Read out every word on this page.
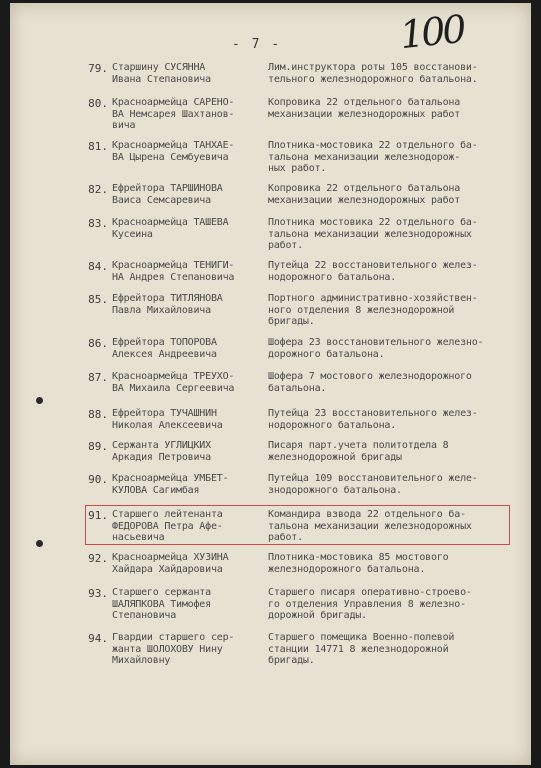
- 7 -	100
79. Старшину СУСЯННА
Ивана Степановича
Лим.инструктора роты 105 восстанови-
тельного железнодорожного батальона.
80. Красноармейца САРЕНО-
ВА Немсарея Шахтанов-
вича
Копровика 22 отдельного батальона
механизации железнодорожных работ
81. Красноармейца ТАНХАЕ-
ВА Цырена Сембуевича
Плотника-мостовика 22 отдельного ба-
тальона механизации железнодорож-
ных работ.
82. Ефрейтора ТАРШИНОВА
Ваиса Семсаревича
Копровика 22 отдельного батальона
механизации железнодорожных работ
83. Красноармейца ТАШЕВА
Кусеина
Плотника мостовика 22 отдельного ба-
тальона механизации железнодорожных
работ.
84. Красноармейца ТЕНИГИ-
НА Андрея Степановича
Путейца 22 восстановительного желез-
нодорожного батальона.
85. Ефрейтора ТИТЛЯНОВА
Павла Михайловича
Портного административно-хозяйствен-
ного отделения 8 железнодорожной
бригады.
86. Ефрейтора ТОПОРОВА
Алексея Андреевича
Шофера 23 восстановительного железно-
дорожного батальона.
87. Красноармейца ТРЕУХО-
ВА Михаила Сергеевича
Шофера 7 мостового железнодорожного
батальона.
88. Ефрейтора ТУЧАШНИН
Николая Алексеевича
Путейца 23 восстановительного желез-
нодорожного батальона.
89. Сержанта УГЛИЦКИХ
Аркадия Петровича
Писаря парт.учета политотдела 8
железнодорожной бригады
90. Красноармейца УМБЕТ-
КУЛОВА Сагимбая
Путейца 109 восстановительного желе-
знодорожного батальона.
91. Старшего лейтенанта
ФЕДОРОВА Петра Афе-
насьевича
Командира взвода 22 отдельного ба-
тальона механизации железнодорожных
работ.
92. Красноармейца ХУЗИНА
Хайдара Хайдаровича
Плотника-мостовика 85 мостового
железнодорожного батальона.
93. Старшего сержанта
ШАЛЯПКОВА Тимофея
Степановича
Старшего писаря оперативно-строево-
го отделения Управления 8 железно-
дорожной бригады.
94. Гвардии старшего сер-
жанта ШОЛОХОВУ Нину
Михайловну
Старшего помещика Военно-полевой
станции 14771 8 железнодорожной
бригады.
